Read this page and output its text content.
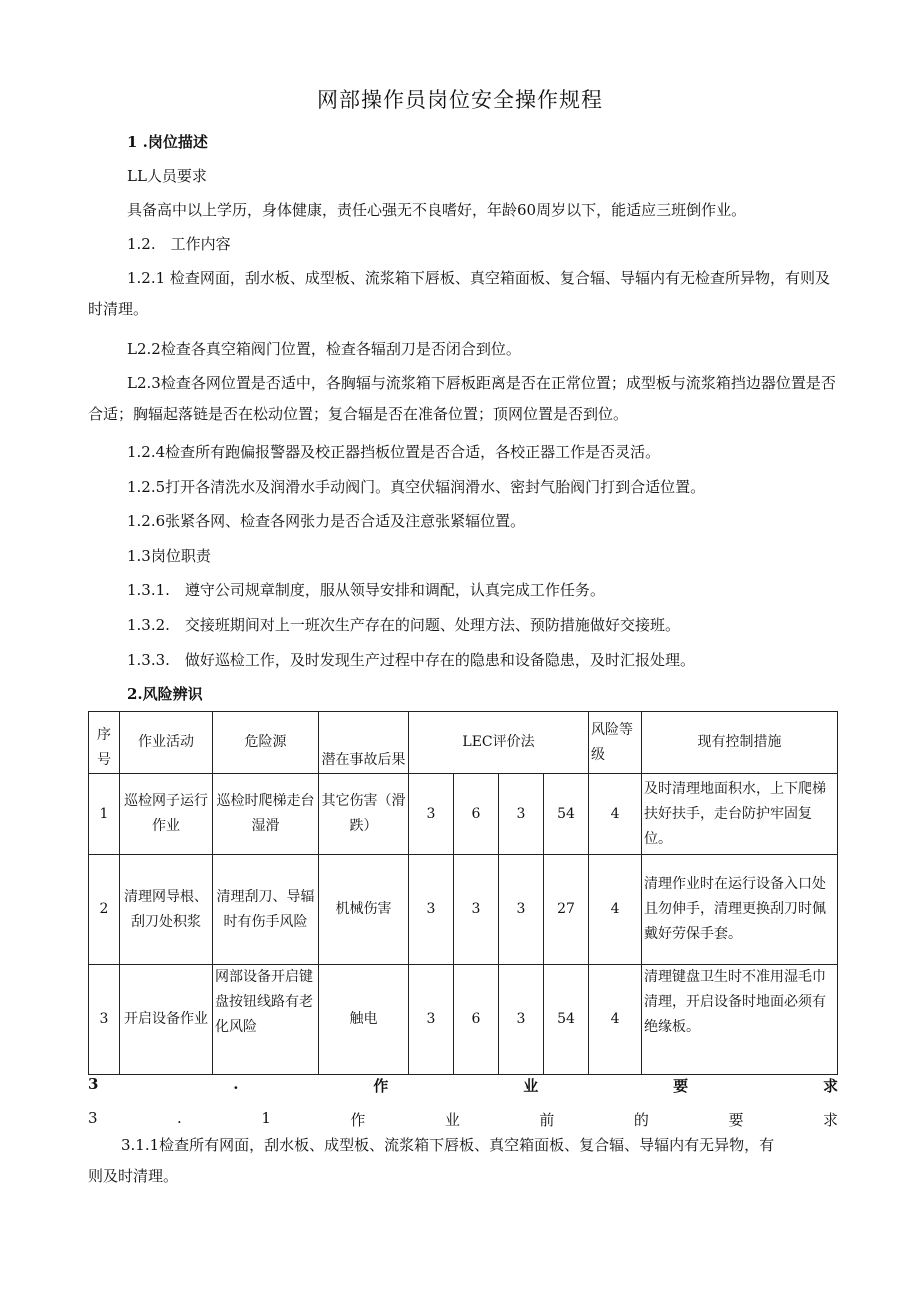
网部操作员岗位安全操作规程
1 .岗位描述
LL人员要求
具备高中以上学历，身体健康，责任心强无不良嗜好，年龄60周岁以下，能适应三班倒作业。
1.2.　工作内容
1.2.1 检查网面，刮水板、成型板、流浆箱下唇板、真空箱面板、复合辐、导辐内有无检查所异物，有则及时清理。
L2.2检查各真空箱阀门位置，检查各辐刮刀是否闭合到位。
L2.3检查各网位置是否适中，各胸辐与流浆箱下唇板距离是否在正常位置；成型板与流浆箱挡边器位置是否合适；胸辐起落链是否在松动位置；复合辐是否在准备位置；顶网位置是否到位。
1.2.4检查所有跑偏报警器及校正器挡板位置是否合适，各校正器工作是否灵活。
1.2.5打开各清洗水及润滑水手动阀门。真空伏辐润滑水、密封气胎阀门打到合适位置。
1.2.6张紧各网、检查各网张力是否合适及注意张紧辐位置。
1.3岗位职责
1.3.1.　遵守公司规章制度，服从领导安排和调配，认真完成工作任务。
1.3.2.　交接班期间对上一班次生产存在的问题、处理方法、预防措施做好交接班。
1.3.3.　做好巡检工作，及时发现生产过程中存在的隐患和设备隐患，及时汇报处理。
2.风险辨识
序号	作业活动	危险源	潜在事故后果	LEC评价法				风险等级	现有控制措施
1	巡检网子运行作业	巡检时爬梯走台湿滑	其它伤害（滑跌）	3	6	3	54	4	及时清理地面积水，上下爬梯扶好扶手，走台防护牢固复位。
2	清理网导根、刮刀处积浆	清理刮刀、导辐时有伤手风险	机械伤害	3	3	3	27	4	清理作业时在运行设备入口处且勿伸手，清理更换刮刀时佩戴好劳保手套。
3	开启设备作业	网部设备开启键盘按钮线路有老化风险	触电	3	6	3	54	4	清理键盘卫生时不准用湿毛巾清理，开启设备时地面必须有绝缘板。
3	.	作	业	要	求
3	.	1	作	业	前	的	要	求
3.1.1检查所有网面，刮水板、成型板、流浆箱下唇板、真空箱面板、复合辐、导辐内有无异物，有则及时清理。
